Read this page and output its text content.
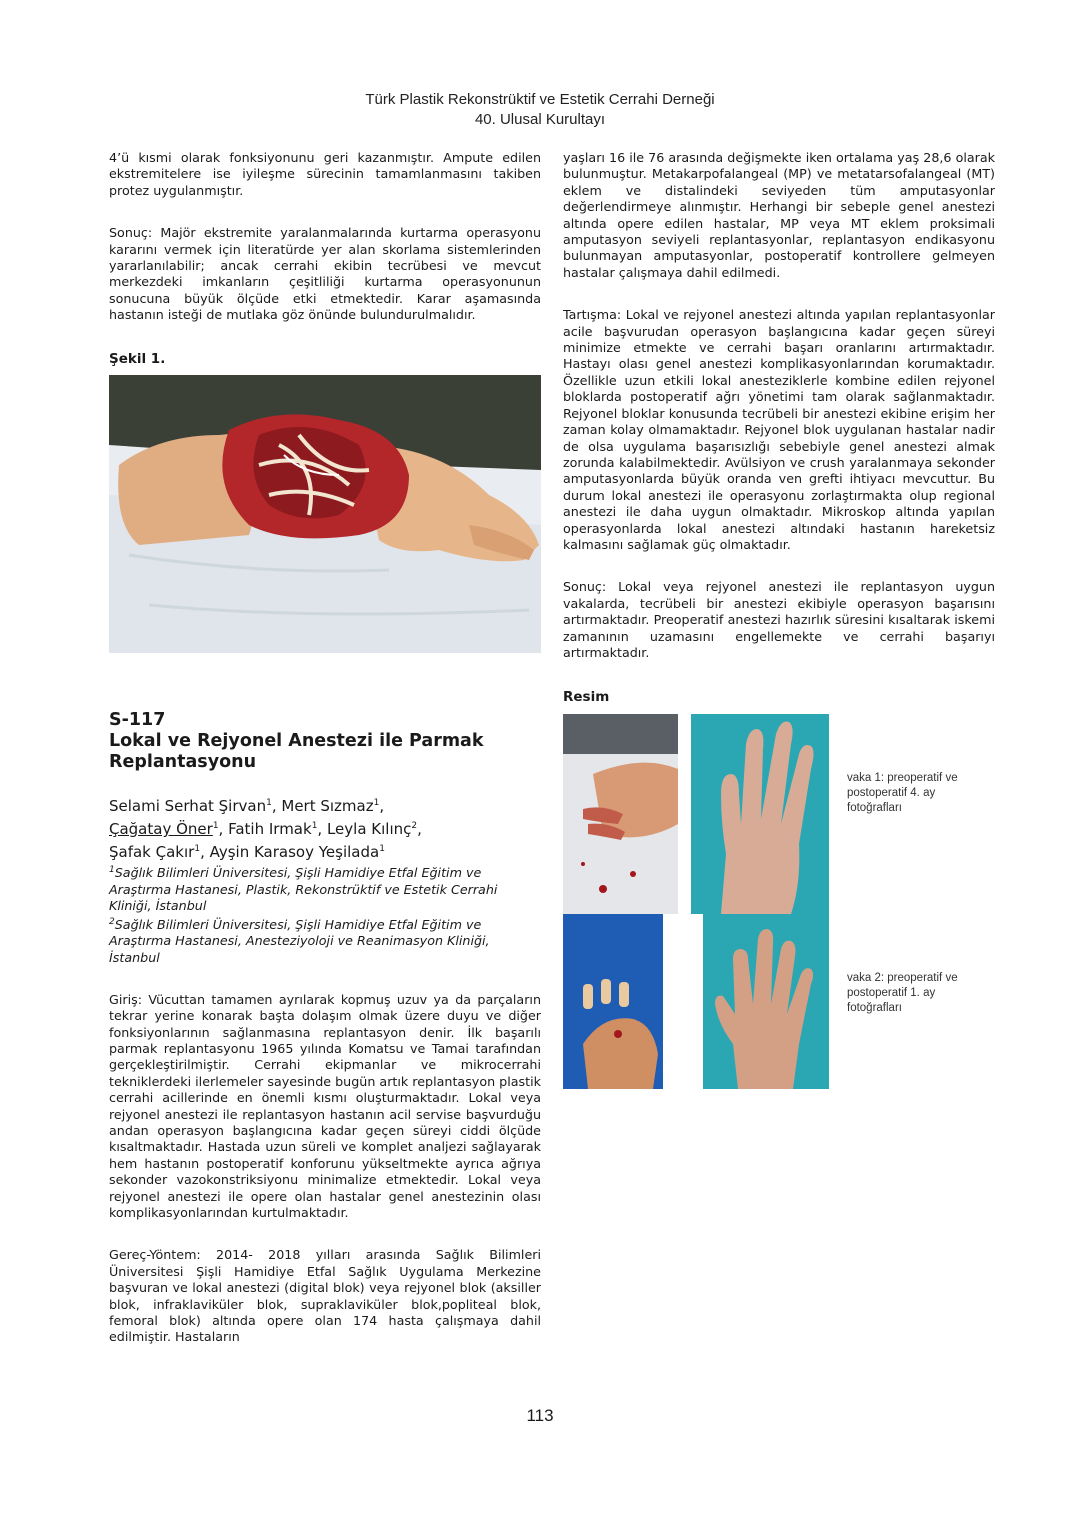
Türk Plastik Rekonstrüktif ve Estetik Cerrahi Derneği
40. Ulusal Kurultayı

4’ü kısmi olarak fonksiyonunu geri kazanmıştır. Ampute edilen ekstremitelere ise iyileşme sürecinin tamamlanmasını takiben protez uygulanmıştır.

Sonuç: Majör ekstremite yaralanmalarında kurtarma operasyonu kararını vermek için literatürde yer alan skorlama sistemlerinden yararlanılabilir; ancak cerrahi ekibin tecrübesi ve mevcut merkezdeki imkanların çeşitliliği kurtarma operasyonunun sonucuna büyük ölçüde etki etmektedir. Karar aşamasında hastanın isteği de mutlaka göz önünde bulundurulmalıdır.

Şekil 1.
S-117
Lokal ve Rejyonel Anestezi ile Parmak Replantasyonu
Selami Serhat Şirvan$^1$, Mert Sızmaz$^1$,
Çağatay Öner$^1$, Fatih Irmak$^1$, Leyla Kılınç$^2$,
Şafak Çakır$^1$, Ayşin Karasoy Yeşilada$^1$
$^1$Sağlık Bilimleri Üniversitesi, Şişli Hamidiye Etfal Eğitim ve Araştırma Hastanesi, Plastik, Rekonstrüktif ve Estetik Cerrahi Kliniği, İstanbul
$^2$Sağlık Bilimleri Üniversitesi, Şişli Hamidiye Etfal Eğitim ve Araştırma Hastanesi, Anesteziyoloji ve Reanimasyon Kliniği, İstanbul

Giriş: Vücuttan tamamen ayrılarak kopmuş uzuv ya da parçaların tekrar yerine konarak başta dolaşım olmak üzere duyu ve diğer fonksiyonlarının sağlanmasına replantasyon denir. İlk başarılı parmak replantasyonu 1965 yılında Komatsu ve Tamai tarafından gerçekleştirilmiştir. Cerrahi ekipmanlar ve mikrocerrahi tekniklerdeki ilerlemeler sayesinde bugün artık replantasyon plastik cerrahi acillerinde en önemli kısmı oluşturmaktadır. Lokal veya rejyonel anestezi ile replantasyon hastanın acil servise başvurduğu andan operasyon başlangıcına kadar geçen süreyi ciddi ölçüde kısaltmaktadır. Hastada uzun süreli ve komplet analjezi sağlayarak hem hastanın postoperatif konforunu yükseltmekte ayrıca ağrıya sekonder vazokonstriksiyonu minimalize etmektedir. Lokal veya rejyonel anestezi ile opere olan hastalar genel anestezinin olası komplikasyonlarından kurtulmaktadır.

Gereç-Yöntem: 2014- 2018 yılları arasında Sağlık Bilimleri Üniversitesi Şişli Hamidiye Etfal Sağlık Uygulama Merkezine başvuran ve lokal anestezi (digital blok) veya rejyonel blok (aksiller blok, infraklaviküler blok, supraklaviküler blok,popliteal blok, femoral blok) altında opere olan 174 hasta çalışmaya dahil edilmiştir. Hastaların

yaşları 16 ile 76 arasında değişmekte iken ortalama yaş 28,6 olarak bulunmuştur. Metakarpofalangeal (MP) ve metatarsofalangeal (MT) eklem ve distalindeki seviyeden tüm amputasyonlar değerlendirmeye alınmıştır. Herhangi bir sebeple genel anestezi altında opere edilen hastalar, MP veya MT eklem proksimali amputasyon seviyeli replantasyonlar, replantasyon endikasyonu bulunmayan amputasyonlar, postoperatif kontrollere gelmeyen hastalar çalışmaya dahil edilmedi.

Tartışma: Lokal ve rejyonel anestezi altında yapılan replantasyonlar acile başvurudan operasyon başlangıcına kadar geçen süreyi minimize etmekte ve cerrahi başarı oranlarını artırmaktadır. Hastayı olası genel anestezi komplikasyonlarından korumaktadır. Özellikle uzun etkili lokal anesteziklerle kombine edilen rejyonel bloklarda postoperatif ağrı yönetimi tam olarak sağlanmaktadır. Rejyonel bloklar konusunda tecrübeli bir anestezi ekibine erişim her zaman kolay olmamaktadır. Rejyonel blok uygulanan hastalar nadir de olsa uygulama başarısızlığı sebebiyle genel anestezi almak zorunda kalabilmektedir. Avülsiyon ve crush yaralanmaya sekonder amputasyonlarda büyük oranda ven grefti ihtiyacı mevcuttur. Bu durum lokal anestezi ile operasyonu zorlaştırmakta olup regional anestezi ile daha uygun olmaktadır. Mikroskop altında yapılan operasyonlarda lokal anestezi altındaki hastanın hareketsiz kalmasını sağlamak güç olmaktadır.

Sonuç: Lokal veya rejyonel anestezi ile replantasyon uygun vakalarda, tecrübeli bir anestezi ekibiyle operasyon başarısını artırmaktadır. Preoperatif anestezi hazırlık süresini kısaltarak iskemi zamanının uzamasını engellemekte ve cerrahi başarıyı artırmaktadır.

Resim
vaka 1: preoperatif ve postoperatif 4. ay fotoğrafları
vaka 2: preoperatif ve postoperatif 1. ay fotoğrafları
113
